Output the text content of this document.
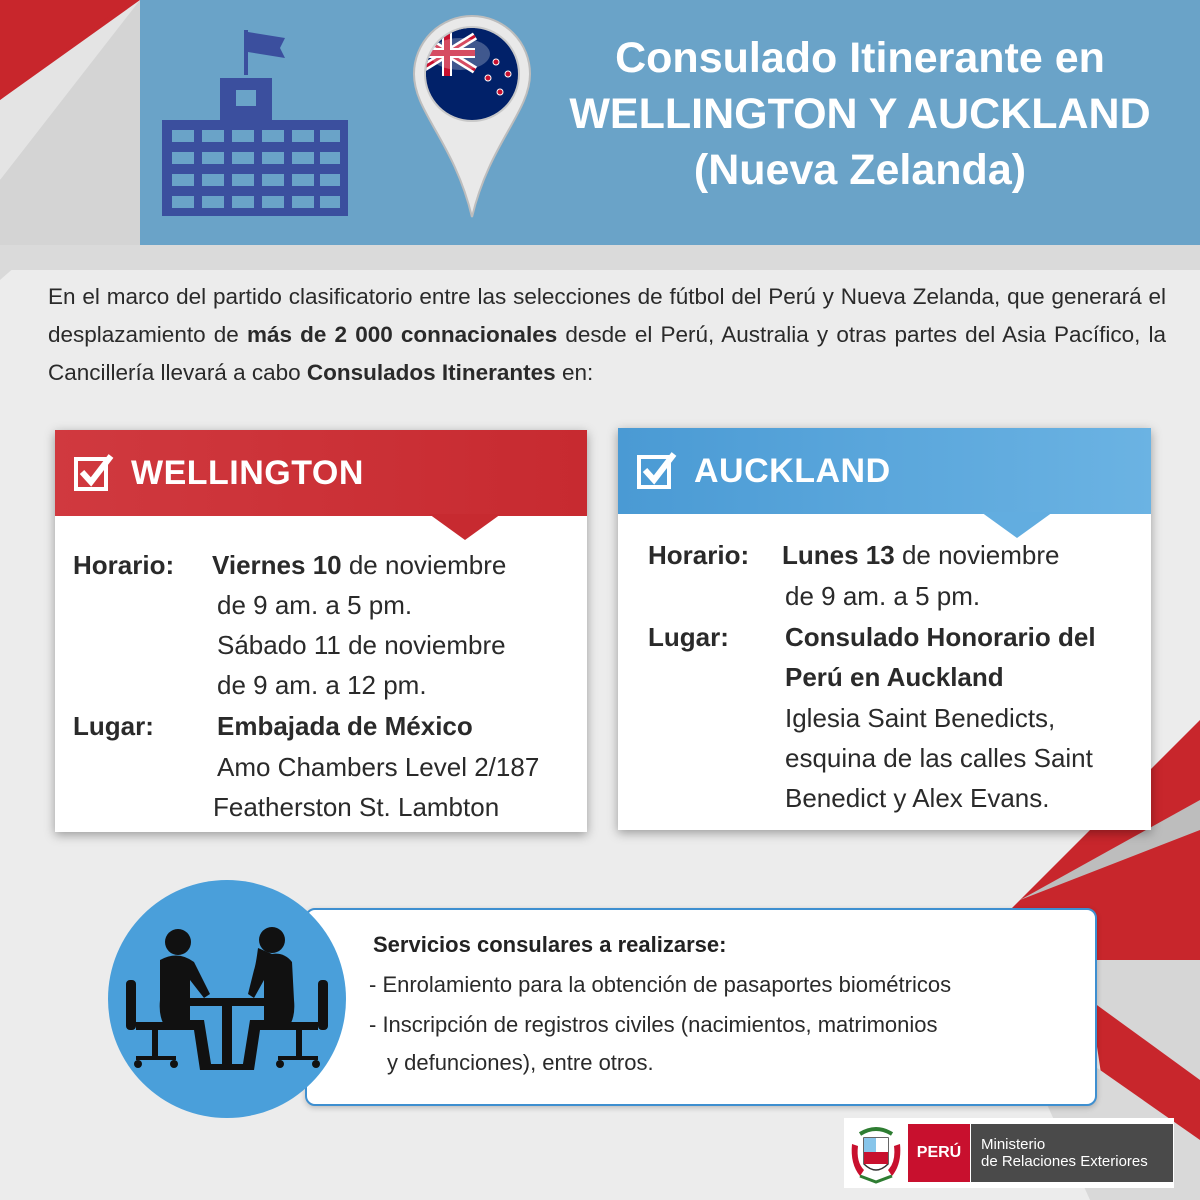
Consulado Itinerante en
WELLINGTON Y AUCKLAND
(Nueva Zelanda)

En el marco del partido clasificatorio entre las selecciones de fútbol del Perú y Nueva Zelanda, que generará el desplazamiento de más de 2 000 connacionales desde el Perú, Australia y otras partes del Asia Pacífico, la Cancillería llevará a cabo Consulados Itinerantes en:

WELLINGTON
Horario: Viernes 10 de noviembre
de 9 am. a 5 pm.
Sábado 11 de noviembre
de 9 am. a 12 pm.
Lugar: Embajada de México
Amo Chambers Level 2/187
Featherston St. Lambton
AUCKLAND
Horario: Lunes 13 de noviembre
de 9 am. a 5 pm.
Lugar: Consulado Honorario del
Perú en Auckland
Iglesia Saint Benedicts,
esquina de las calles Saint
Benedict y Alex Evans.
Servicios consulares a realizarse:
- Enrolamiento para la obtención de pasaportes biométricos
- Inscripción de registros civiles (nacimientos, matrimonios
y defunciones), entre otros.
PERÚ	Ministerio
de Relaciones Exteriores
